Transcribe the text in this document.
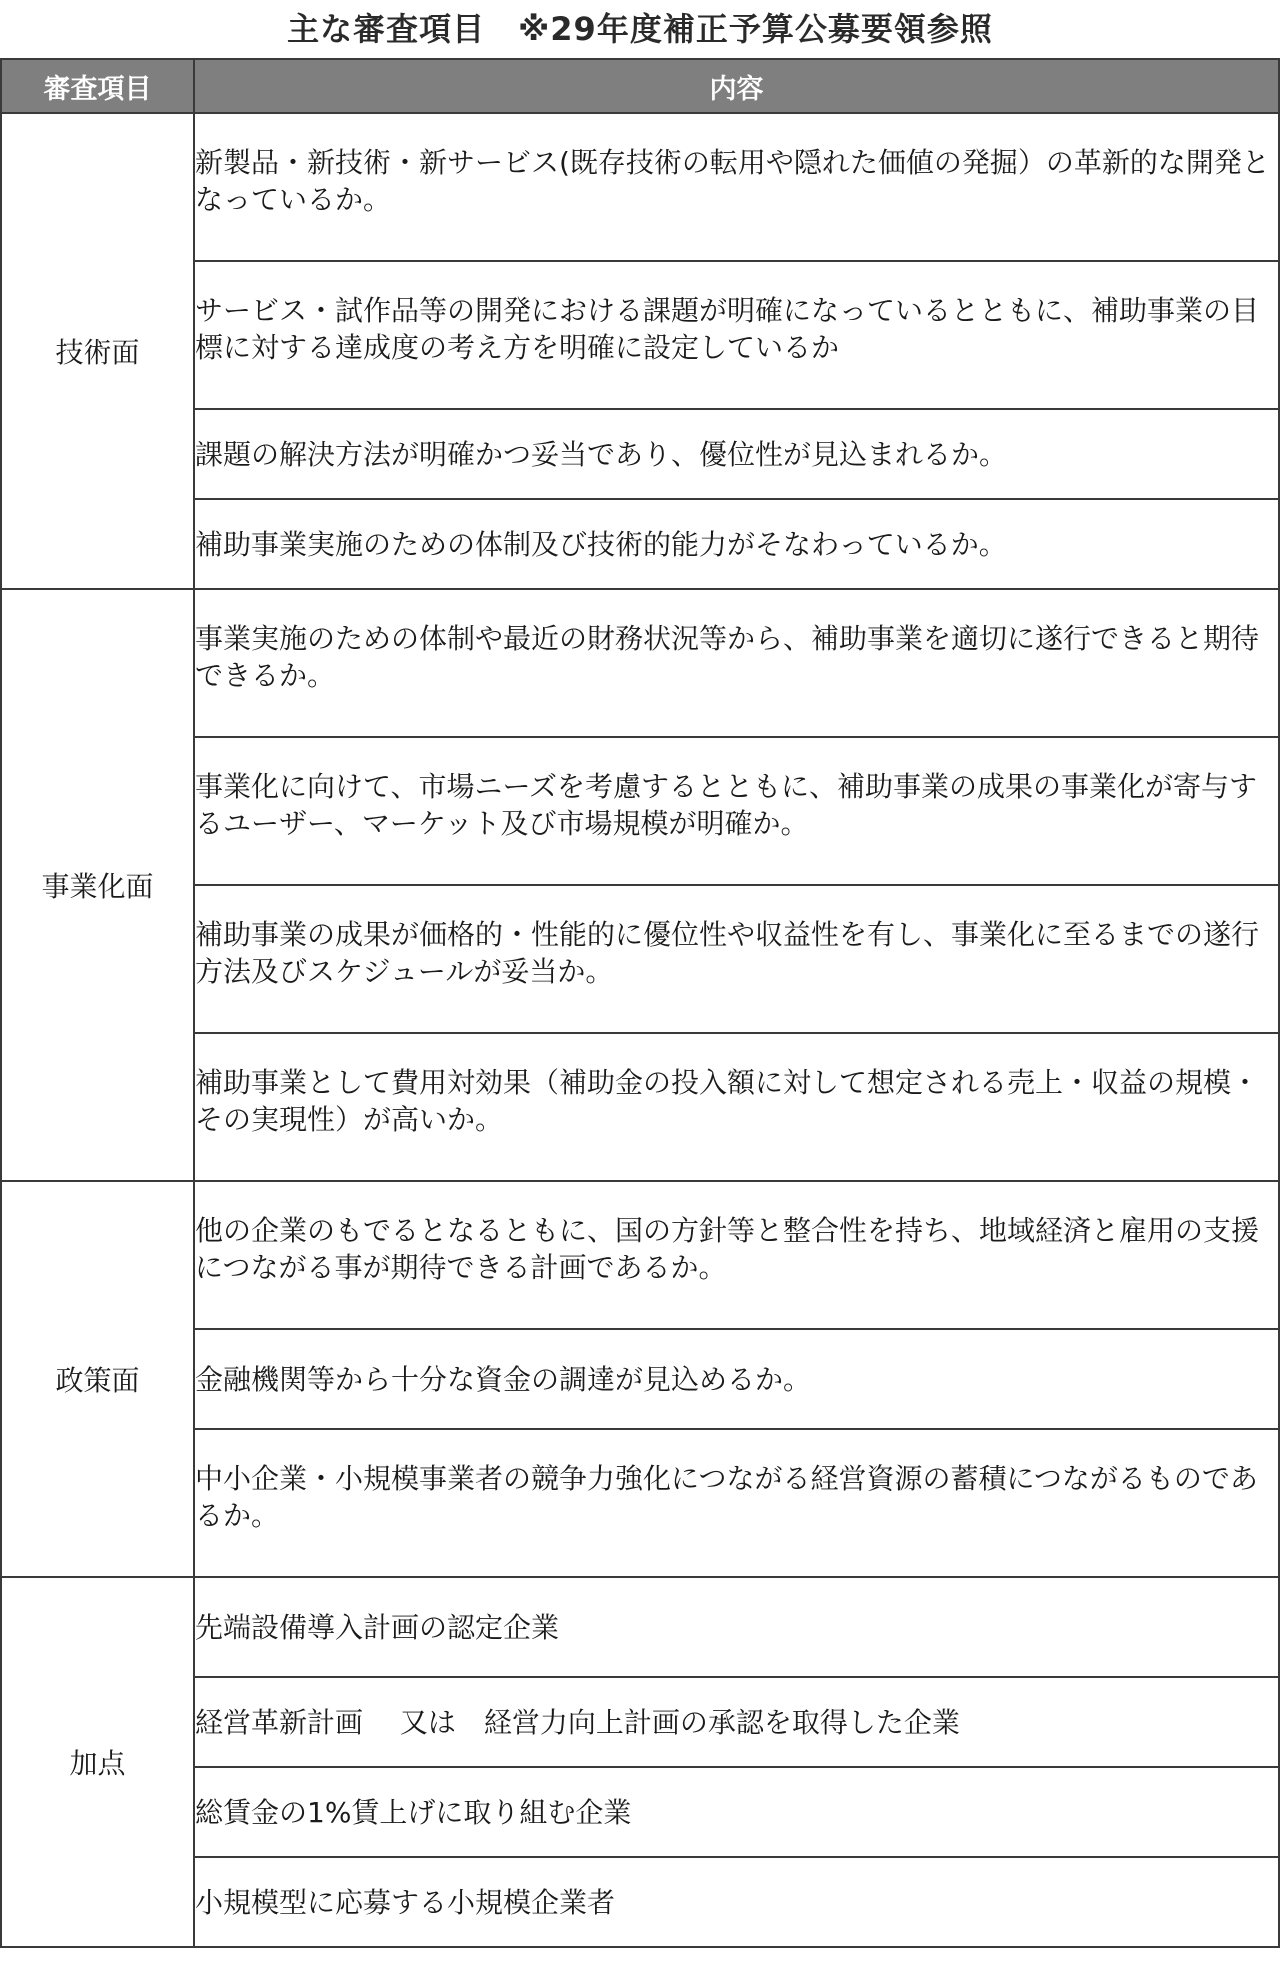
主な審査項目　※29年度補正予算公募要領参照
審査項目	内容
技術面	新製品・新技術・新サービス(既存技術の転用や隠れた価値の発掘）の革新的な開発となっているか。
	サービス・試作品等の開発における課題が明確になっているとともに、補助事業の目標に対する達成度の考え方を明確に設定しているか
	課題の解決方法が明確かつ妥当であり、優位性が見込まれるか。
	補助事業実施のための体制及び技術的能力がそなわっているか。
事業化面	事業実施のための体制や最近の財務状況等から、補助事業を適切に遂行できると期待できるか。
	事業化に向けて、市場ニーズを考慮するとともに、補助事業の成果の事業化が寄与するユーザー、マーケット及び市場規模が明確か。
	補助事業の成果が価格的・性能的に優位性や収益性を有し、事業化に至るまでの遂行方法及びスケジュールが妥当か。
	補助事業として費用対効果（補助金の投入額に対して想定される売上・収益の規模・その実現性）が高いか。
政策面	他の企業のもでるとなるともに、国の方針等と整合性を持ち、地域経済と雇用の支援につながる事が期待できる計画であるか。
	金融機関等から十分な資金の調達が見込めるか。
	中小企業・小規模事業者の競争力強化につながる経営資源の蓄積につながるものであるか。
加点	先端設備導入計画の認定企業
	経営革新計画　 又は　経営力向上計画の承認を取得した企業
	総賃金の1%賃上げに取り組む企業
	小規模型に応募する小規模企業者
